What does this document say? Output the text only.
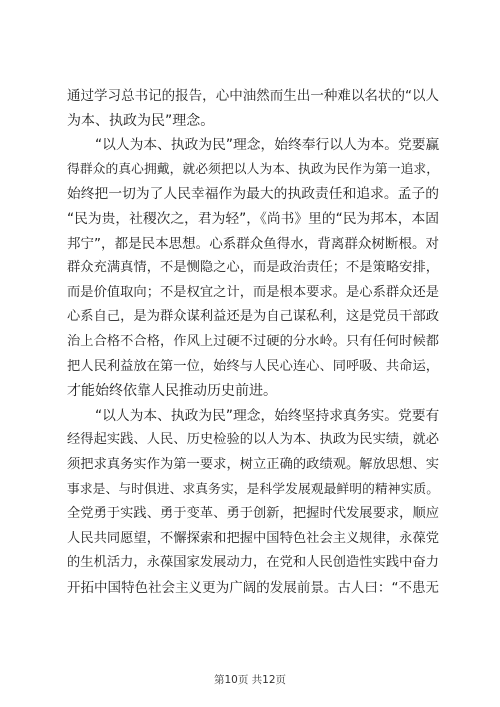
通过学习总书记的报告，心中油然而生出一种难以名状的“以人
为本、执政为民”理念。
“以人为本、执政为民”理念，始终奉行以人为本。党要赢
得群众的真心拥戴，就必须把以人为本、执政为民作为第一追求，
始终把一切为了人民幸福作为最大的执政责任和追求。孟子的
“民为贵，社稷次之，君为轻”，《尚书》里的“民为邦本，本固
邦宁”，都是民本思想。心系群众鱼得水，背离群众树断根。对
群众充满真情，不是恻隐之心，而是政治责任；不是策略安排，
而是价值取向；不是权宜之计，而是根本要求。是心系群众还是
心系自己，是为群众谋利益还是为自己谋私利，这是党员干部政
治上合格不合格，作风上过硬不过硬的分水岭。只有任何时候都
把人民利益放在第一位，始终与人民心连心、同呼吸、共命运，
才能始终依靠人民推动历史前进。
“以人为本、执政为民”理念，始终坚持求真务实。党要有
经得起实践、人民、历史检验的以人为本、执政为民实绩，就必
须把求真务实作为第一要求，树立正确的政绩观。解放思想、实
事求是、与时俱进、求真务实，是科学发展观最鲜明的精神实质。
全党勇于实践、勇于变革、勇于创新，把握时代发展要求，顺应
人民共同愿望，不懈探索和把握中国特色社会主义规律，永葆党
的生机活力，永葆国家发展动力，在党和人民创造性实践中奋力
开拓中国特色社会主义更为广阔的发展前景。古人曰：“不患无
第10页 共12页
